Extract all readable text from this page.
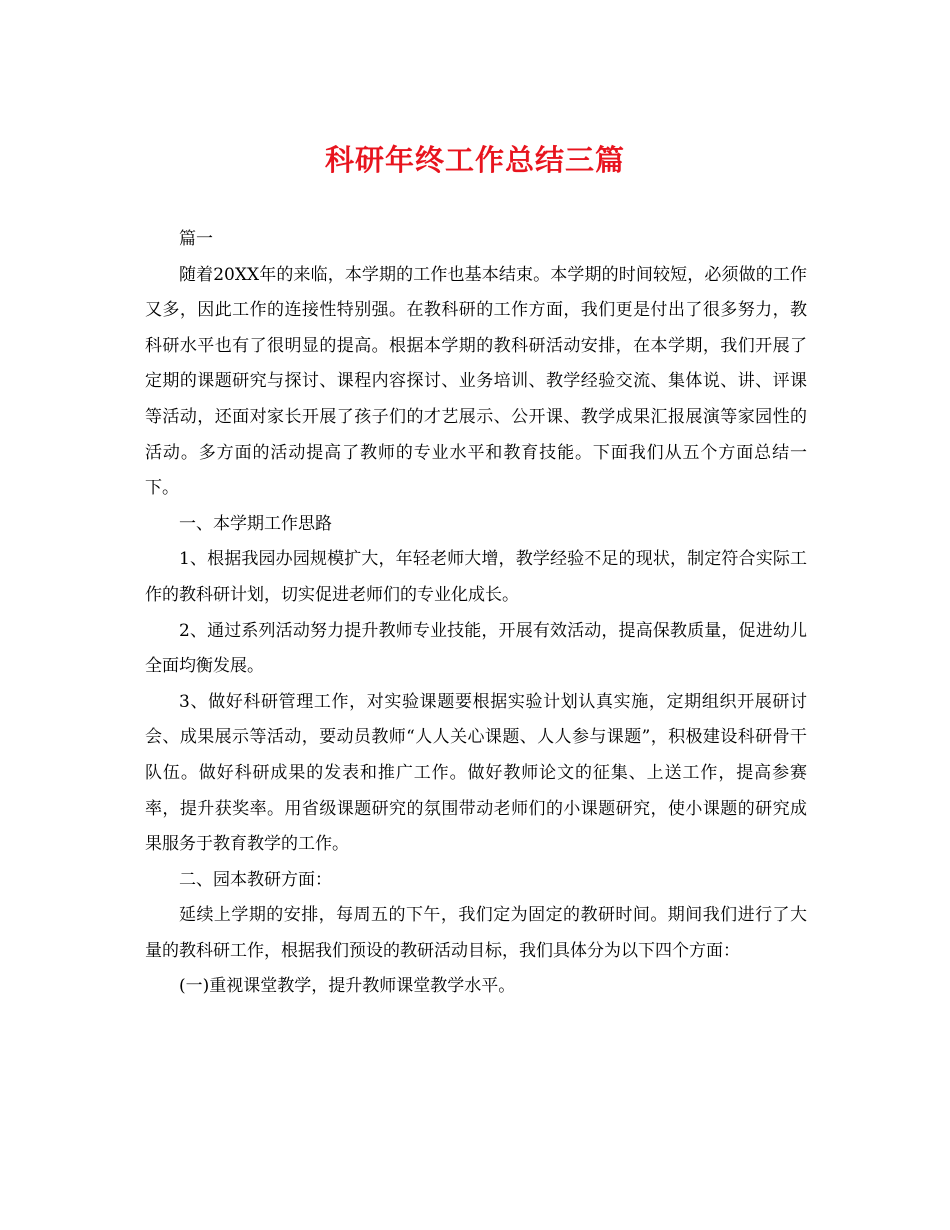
科研年终工作总结三篇

篇一

随着20XX年的来临，本学期的工作也基本结束。本学期的时间较短，必须做的工作又多，因此工作的连接性特别强。在教科研的工作方面，我们更是付出了很多努力，教科研水平也有了很明显的提高。根据本学期的教科研活动安排，在本学期，我们开展了定期的课题研究与探讨、课程内容探讨、业务培训、教学经验交流、集体说、讲、评课等活动，还面对家长开展了孩子们的才艺展示、公开课、教学成果汇报展演等家园性的活动。多方面的活动提高了教师的专业水平和教育技能。下面我们从五个方面总结一下。

一、本学期工作思路

1、根据我园办园规模扩大，年轻老师大增，教学经验不足的现状，制定符合实际工作的教科研计划，切实促进老师们的专业化成长。

2、通过系列活动努力提升教师专业技能，开展有效活动，提高保教质量，促进幼儿全面均衡发展。

3、做好科研管理工作，对实验课题要根据实验计划认真实施，定期组织开展研讨会、成果展示等活动，要动员教师“人人关心课题、人人参与课题”，积极建设科研骨干队伍。做好科研成果的发表和推广工作。做好教师论文的征集、上送工作，提高参赛率，提升获奖率。用省级课题研究的氛围带动老师们的小课题研究，使小课题的研究成果服务于教育教学的工作。

二、园本教研方面：

延续上学期的安排，每周五的下午，我们定为固定的教研时间。期间我们进行了大量的教科研工作，根据我们预设的教研活动目标，我们具体分为以下四个方面：

(一)重视课堂教学，提升教师课堂教学水平。
